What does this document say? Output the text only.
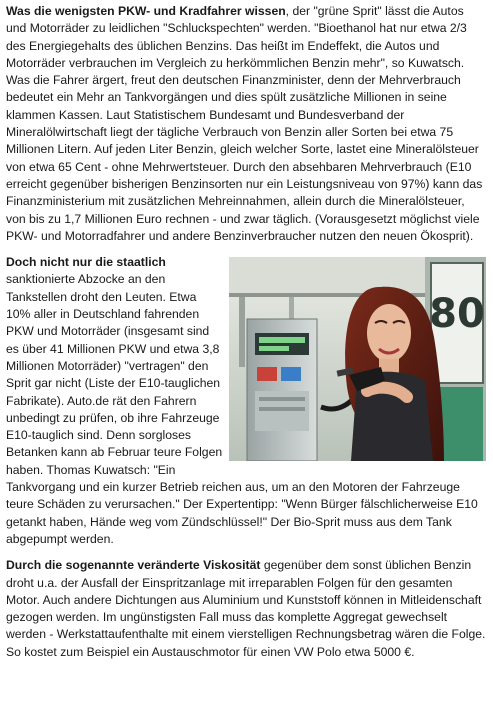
Was die wenigsten PKW- und Kradfahrer wissen, der "grüne Sprit" lässt die Autos und Motorräder zu leidlichen "Schluckspechten" werden. "Bioethanol hat nur etwa 2/3 des Energiegehalts des üblichen Benzins. Das heißt im Endeffekt, die Autos und Motorräder verbrauchen im Vergleich zu herkömmlichen Benzin mehr", so Kuwatsch. Was die Fahrer ärgert, freut den deutschen Finanzminister, denn der Mehrverbrauch bedeutet ein Mehr an Tankvorgängen und dies spült zusätzliche Millionen in seine klammen Kassen. Laut Statistischem Bundesamt und Bundesverband der Mineralölwirtschaft liegt der tägliche Verbrauch von Benzin aller Sorten bei etwa 75 Millionen Litern. Auf jeden Liter Benzin, gleich welcher Sorte, lastet eine Mineralölsteuer von etwa 65 Cent - ohne Mehrwertsteuer. Durch den absehbaren Mehrverbrauch (E10 erreicht gegenüber bisherigen Benzinsorten nur ein Leistungsniveau von 97%) kann das Finanzministerium mit zusätzlichen Mehreinnahmen, allein durch die Mineralölsteuer, von bis zu 1,7 Millionen Euro rechnen - und zwar täglich. (Vorausgesetzt möglichst viele PKW- und Motorradfahrer und andere Benzinverbraucher nutzen den neuen Ökosprit).

80
Doch nicht nur die staatlich sanktionierte Abzocke an den Tankstellen droht den Leuten. Etwa 10% aller in Deutschland fahrenden PKW und Motorräder (insgesamt sind es über 41 Millionen PKW und etwa 3,8 Millionen Motorräder) "vertragen" den Sprit gar nicht (Liste der E10-tauglichen Fabrikate). Auto.de rät den Fahrern unbedingt zu prüfen, ob ihre Fahrzeuge E10-tauglich sind. Denn sorgloses Betanken kann ab Februar teure Folgen haben. Thomas Kuwatsch: "Ein Tankvorgang und ein kurzer Betrieb reichen aus, um an den Motoren der Fahrzeuge teure Schäden zu verursachen." Der Expertentipp: "Wenn Bürger fälschlicherweise E10 getankt haben, Hände weg vom Zündschlüssel!" Der Bio-Sprit muss aus dem Tank abgepumpt werden.

Durch die sogenannte veränderte Viskosität gegenüber dem sonst üblichen Benzin droht u.a. der Ausfall der Einspritzanlage mit irreparablen Folgen für den gesamten Motor. Auch andere Dichtungen aus Aluminium und Kunststoff können in Mitleidenschaft gezogen werden. Im ungünstigsten Fall muss das komplette Aggregat gewechselt werden - Werkstattaufenthalte mit einem vierstelligen Rechnungsbetrag wären die Folge. So kostet zum Beispiel ein Austauschmotor für einen VW Polo etwa 5000 €.
